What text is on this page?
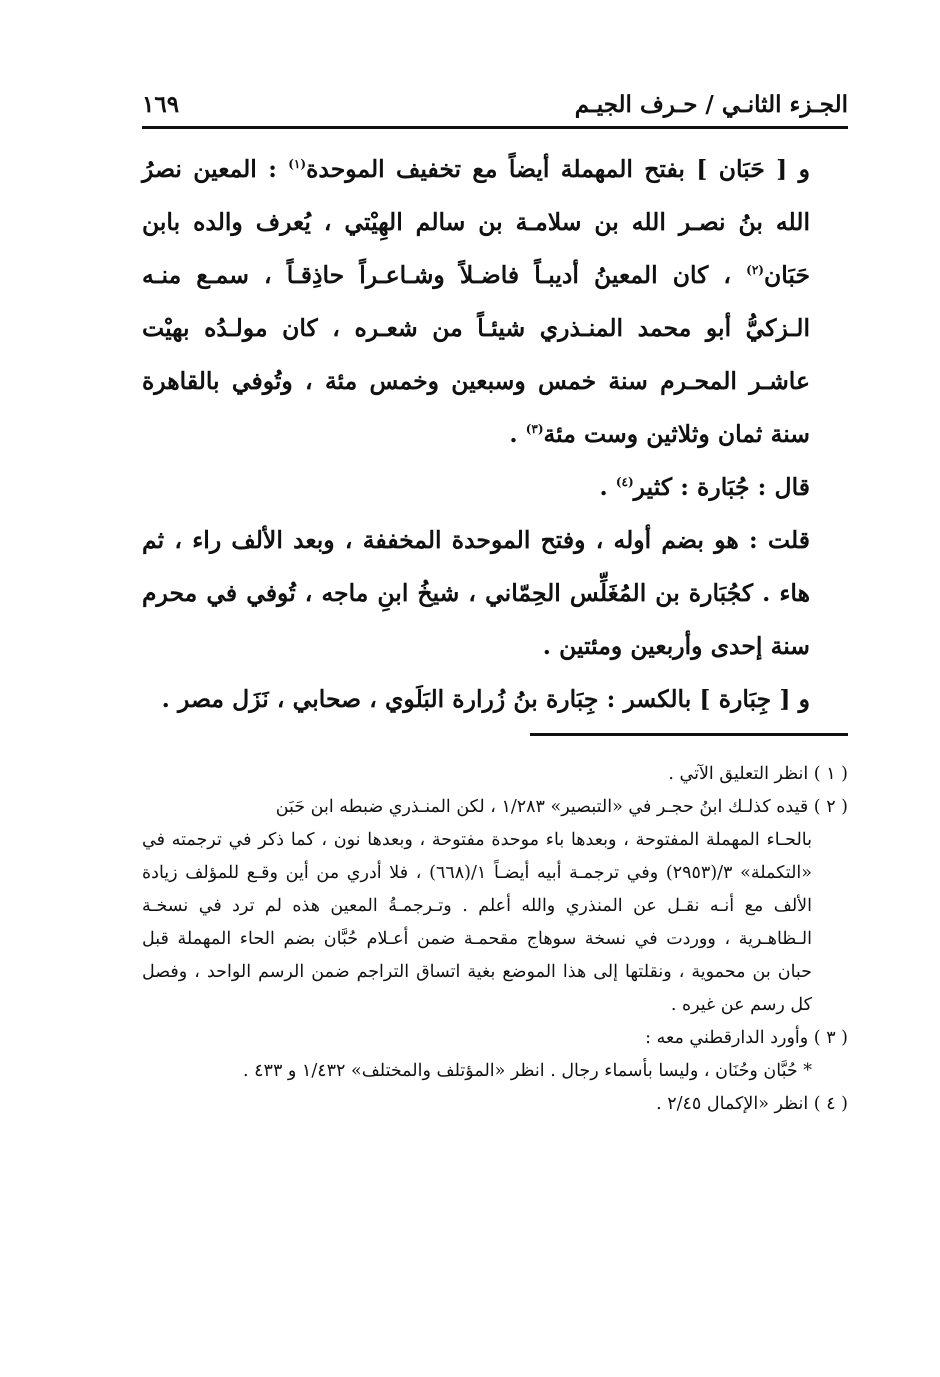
الجـزء الثانـي / حـرف الجيـم
١٦٩

و [ حَبَان ] بفتح المهملة أيضاً مع تخفيف الموحدة$^{(١)}$ : المعين نصرُ الله بنُ نصـر الله بن سلامـة بن سالم الهِيْتي ، يُعرف والده بابن حَبَان$^{(٢)}$ ، كان المعينُ أديبـاً فاضـلاً وشـاعـراً حاذِقـاً ، سمـع منـه الـزكيُّ أبو محمد المنـذري شيئـاً من شعـره ، كان مولـدُه بهيْت عاشـر المحـرم سنة خمس وسبعين وخمس مئة ، وتُوفي بالقاهرة سنة ثمان وثلاثين وست مئة$^{(٣)}$ .

قال : جُبَارة : كثير$^{(٤)}$ .

قلت : هو بضم أوله ، وفتح الموحدة المخففة ، وبعد الألف راء ، ثم هاء . كجُبَارة بن المُغَلِّس الحِمّاني ، شيخُ ابنِ ماجه ، تُوفي في محرم سنة إحدى وأربعين ومئتين .

و [ جِبَارة ] بالكسر : جِبَارة بنُ زُرارة البَلَوي ، صحابي ، نَزَل مصر .

( ١ ) انظر التعليق الآتي .

( ٢ ) قيده كذلـك ابنُ حجـر في «التبصير» ١/٢٨٣ ، لكن المنـذري ضبطه ابن حَبَن

بالحـاء المهملة المفتوحة ، وبعدها باء موحدة مفتوحة ، وبعدها نون ، كما ذكر في ترجمته في «التكملة» ٣/(٢٩٥٣) وفي ترجمـة أبيه أيضـاً ١/(٦٦٨) ، فلا أدري من أين وقـع للمؤلف زيادة الألف مع أنـه نقـل عن المنذري والله أعلم . وتـرجمـةُ المعين هذه لم ترد في نسخـة الـظاهـرية ، ووردت في نسخة سوهاج مقحمـة ضمن أعـلام حُبَّان بضم الحاء المهملة قبل حبان بن محموية ، ونقلتها إلى هذا الموضع بغية اتساق التراجم ضمن الرسم الواحد ، وفصل كل رسم عن غيره .

( ٣ ) وأورد الدارقطني معه :

* حُبَّان وحُنَان ، وليسا بأسماء رجال . انظر «المؤتلف والمختلف» ١/٤٣٢ و ٤٣٣ .

( ٤ ) انظر «الإكمال ٢/٤٥ .
